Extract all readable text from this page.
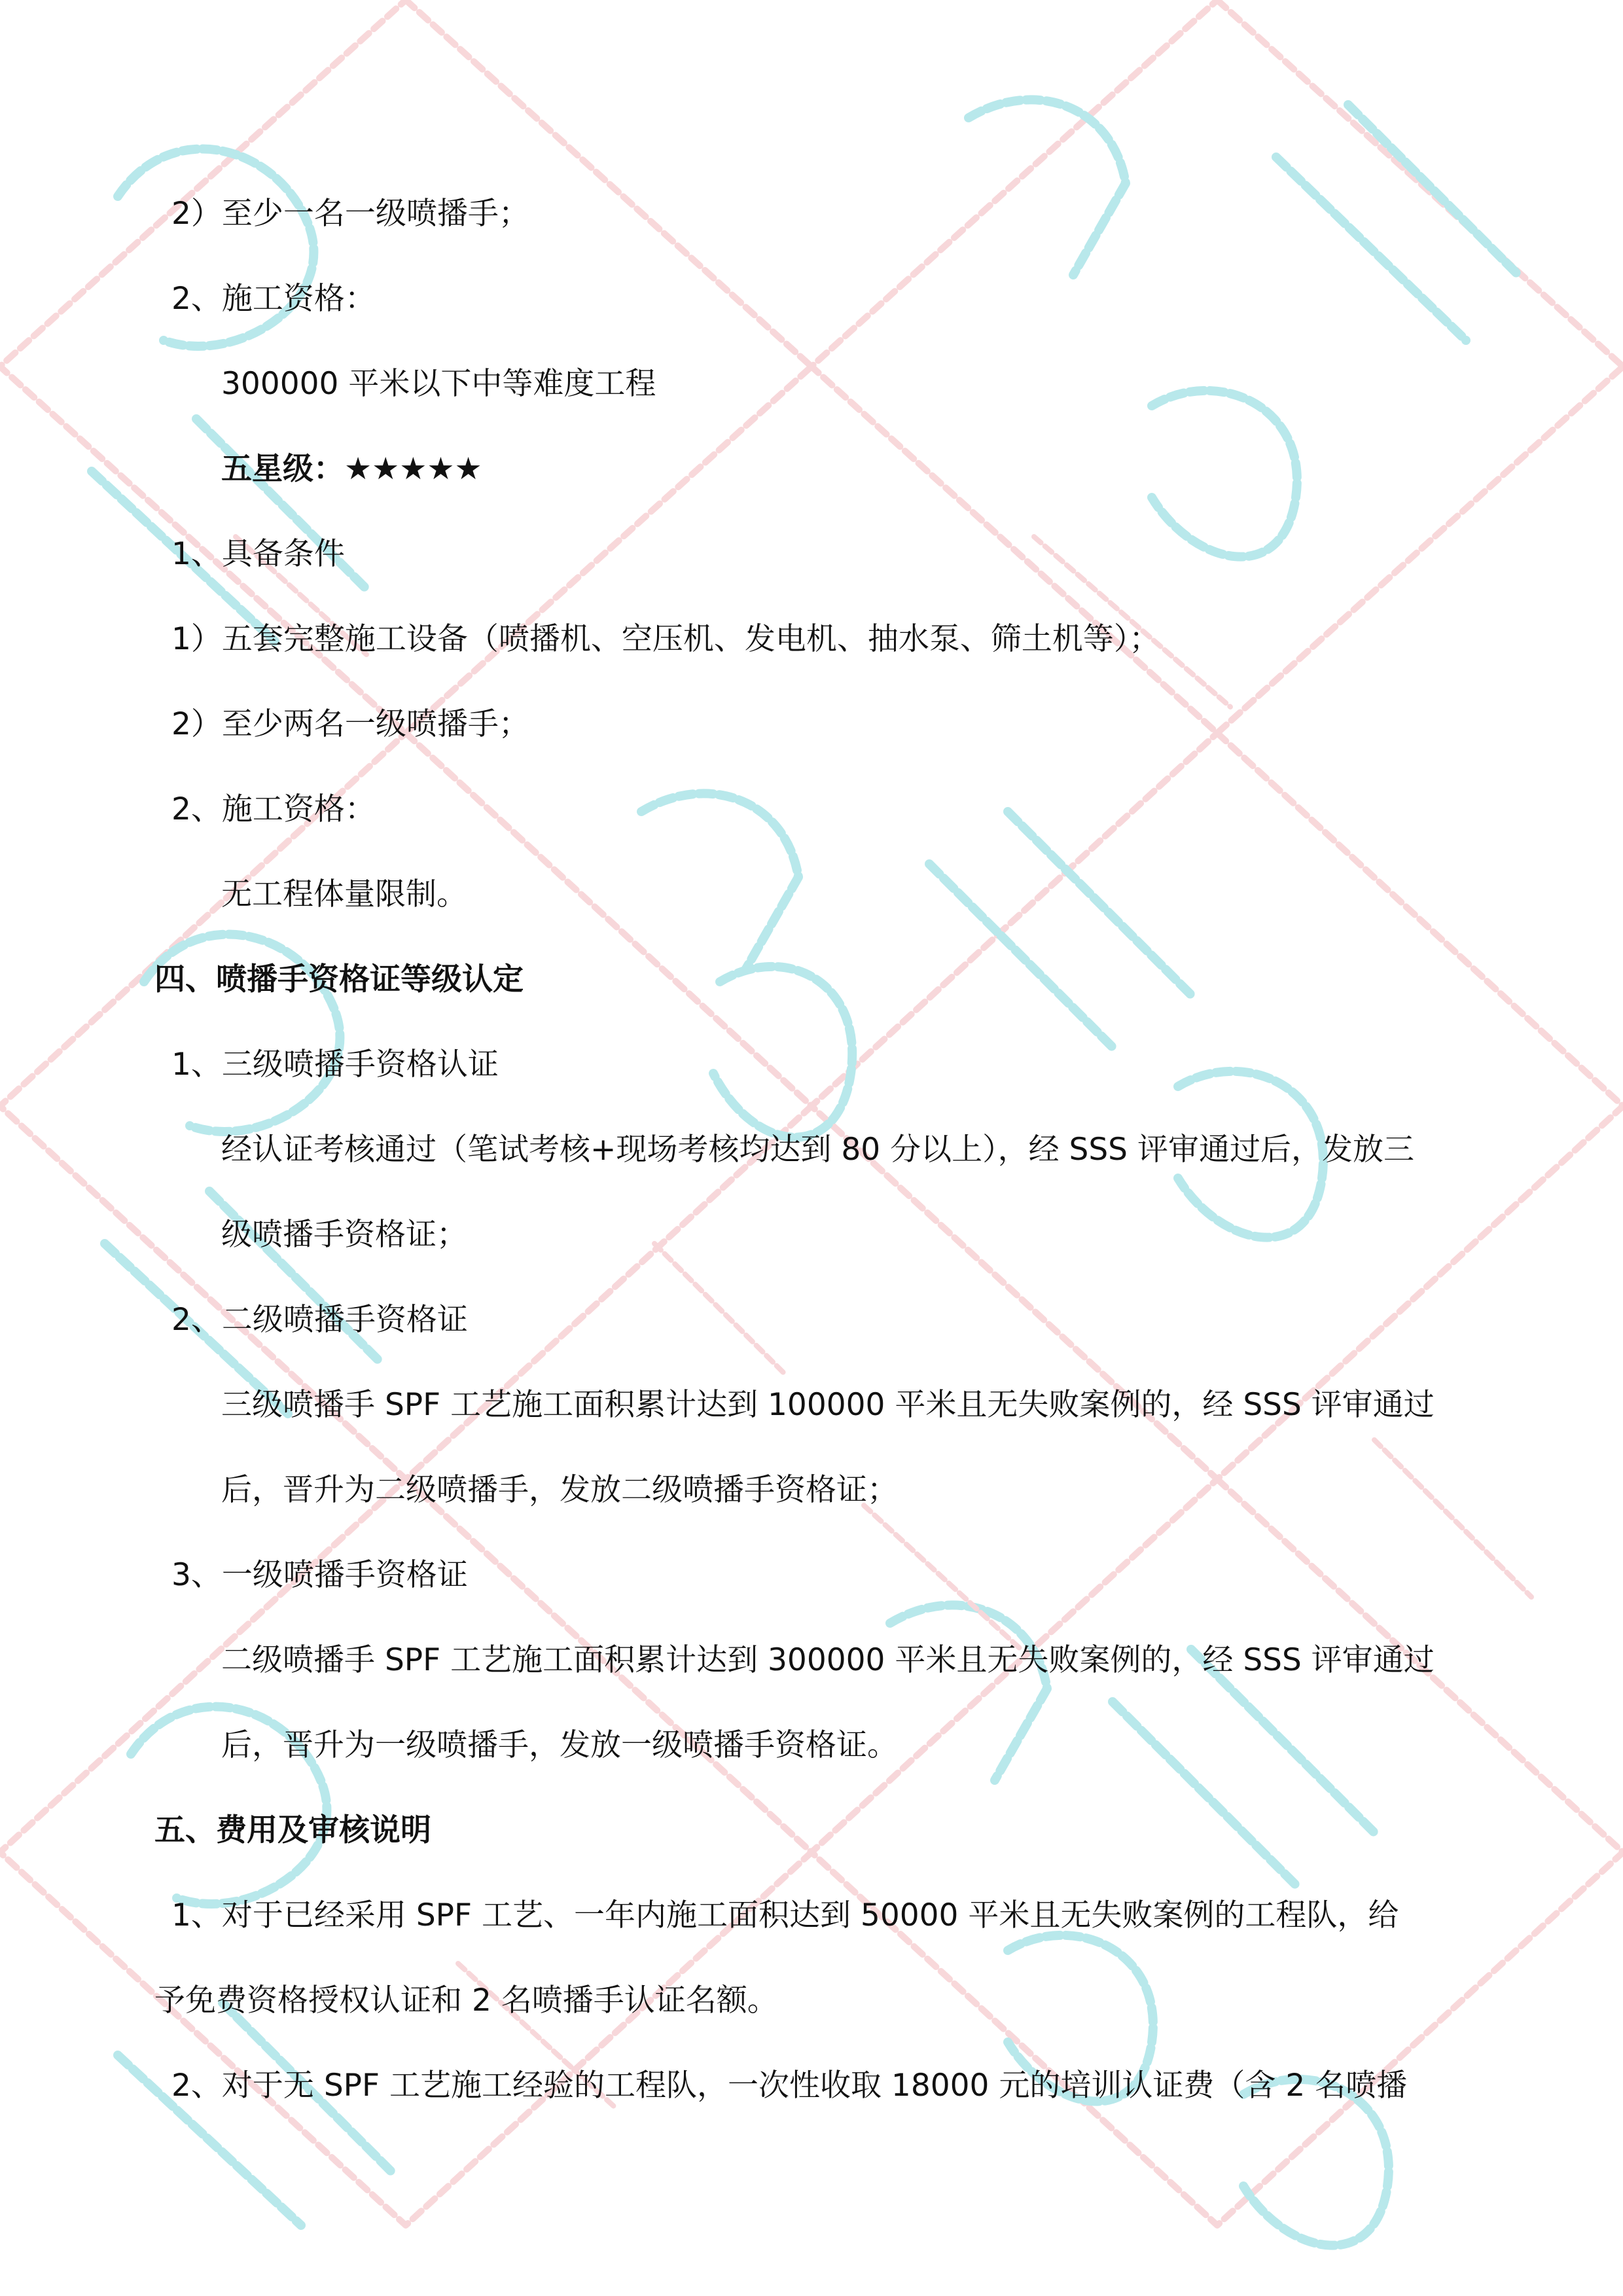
2）至少一名一级喷播手；
2、施工资格：
300000 平米以下中等难度工程
五星级：★★★★★
1、具备条件
1）五套完整施工设备（喷播机、空压机、发电机、抽水泵、筛土机等）；
2）至少两名一级喷播手；
2、施工资格：
无工程体量限制。
四、喷播手资格证等级认定
1、三级喷播手资格认证
经认证考核通过（笔试考核+现场考核均达到 80 分以上），经 SSS 评审通过后，发放三
级喷播手资格证；
2、二级喷播手资格证
三级喷播手 SPF 工艺施工面积累计达到 100000 平米且无失败案例的，经 SSS 评审通过
后，晋升为二级喷播手，发放二级喷播手资格证；
3、一级喷播手资格证
二级喷播手 SPF 工艺施工面积累计达到 300000 平米且无失败案例的，经 SSS 评审通过
后，晋升为一级喷播手，发放一级喷播手资格证。
五、费用及审核说明
1、对于已经采用 SPF 工艺、一年内施工面积达到 50000 平米且无失败案例的工程队，给
予免费资格授权认证和 2 名喷播手认证名额。
2、对于无 SPF 工艺施工经验的工程队，一次性收取 18000 元的培训认证费（含 2 名喷播
